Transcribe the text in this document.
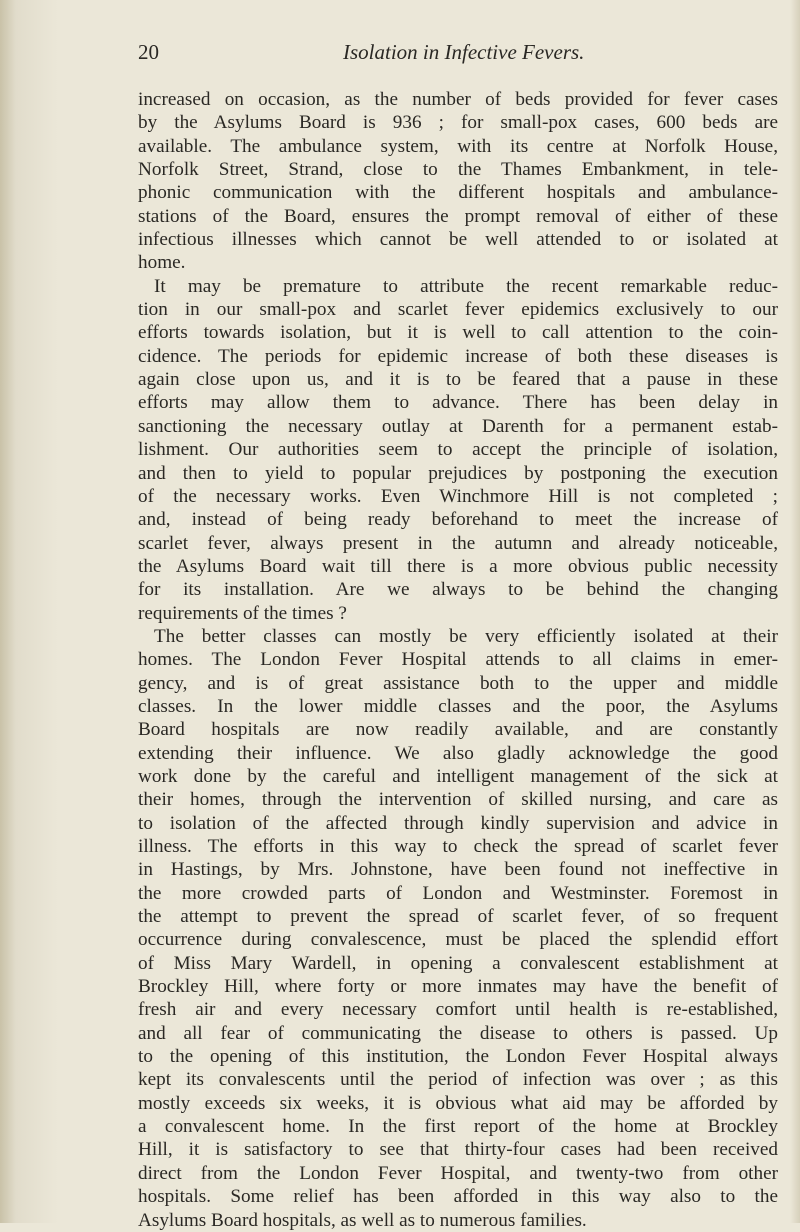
20	Isolation in Infective Fevers.
increased on occasion, as the number of beds provided for fever cases
by the Asylums Board is 936 ; for small-pox cases, 600 beds are
available. The ambulance system, with its centre at Norfolk House,
Norfolk Street, Strand, close to the Thames Embankment, in tele-
phonic communication with the different hospitals and ambulance-
stations of the Board, ensures the prompt removal of either of these
infectious illnesses which cannot be well attended to or isolated at
home.
It may be premature to attribute the recent remarkable reduc-
tion in our small-pox and scarlet fever epidemics exclusively to our
efforts towards isolation, but it is well to call attention to the coin-
cidence. The periods for epidemic increase of both these diseases is
again close upon us, and it is to be feared that a pause in these
efforts may allow them to advance. There has been delay in
sanctioning the necessary outlay at Darenth for a permanent estab-
lishment. Our authorities seem to accept the principle of isolation,
and then to yield to popular prejudices by postponing the execution
of the necessary works. Even Winchmore Hill is not completed ;
and, instead of being ready beforehand to meet the increase of
scarlet fever, always present in the autumn and already noticeable,
the Asylums Board wait till there is a more obvious public necessity
for its installation. Are we always to be behind the changing
requirements of the times ?
The better classes can mostly be very efficiently isolated at their
homes. The London Fever Hospital attends to all claims in emer-
gency, and is of great assistance both to the upper and middle
classes. In the lower middle classes and the poor, the Asylums
Board hospitals are now readily available, and are constantly
extending their influence. We also gladly acknowledge the good
work done by the careful and intelligent management of the sick at
their homes, through the intervention of skilled nursing, and care as
to isolation of the affected through kindly supervision and advice in
illness. The efforts in this way to check the spread of scarlet fever
in Hastings, by Mrs. Johnstone, have been found not ineffective in
the more crowded parts of London and Westminster. Foremost in
the attempt to prevent the spread of scarlet fever, of so frequent
occurrence during convalescence, must be placed the splendid effort
of Miss Mary Wardell, in opening a convalescent establishment at
Brockley Hill, where forty or more inmates may have the benefit of
fresh air and every necessary comfort until health is re-established,
and all fear of communicating the disease to others is passed. Up
to the opening of this institution, the London Fever Hospital always
kept its convalescents until the period of infection was over ; as this
mostly exceeds six weeks, it is obvious what aid may be afforded by
a convalescent home. In the first report of the home at Brockley
Hill, it is satisfactory to see that thirty-four cases had been received
direct from the London Fever Hospital, and twenty-two from other
hospitals. Some relief has been afforded in this way also to the
Asylums Board hospitals, as well as to numerous families.
